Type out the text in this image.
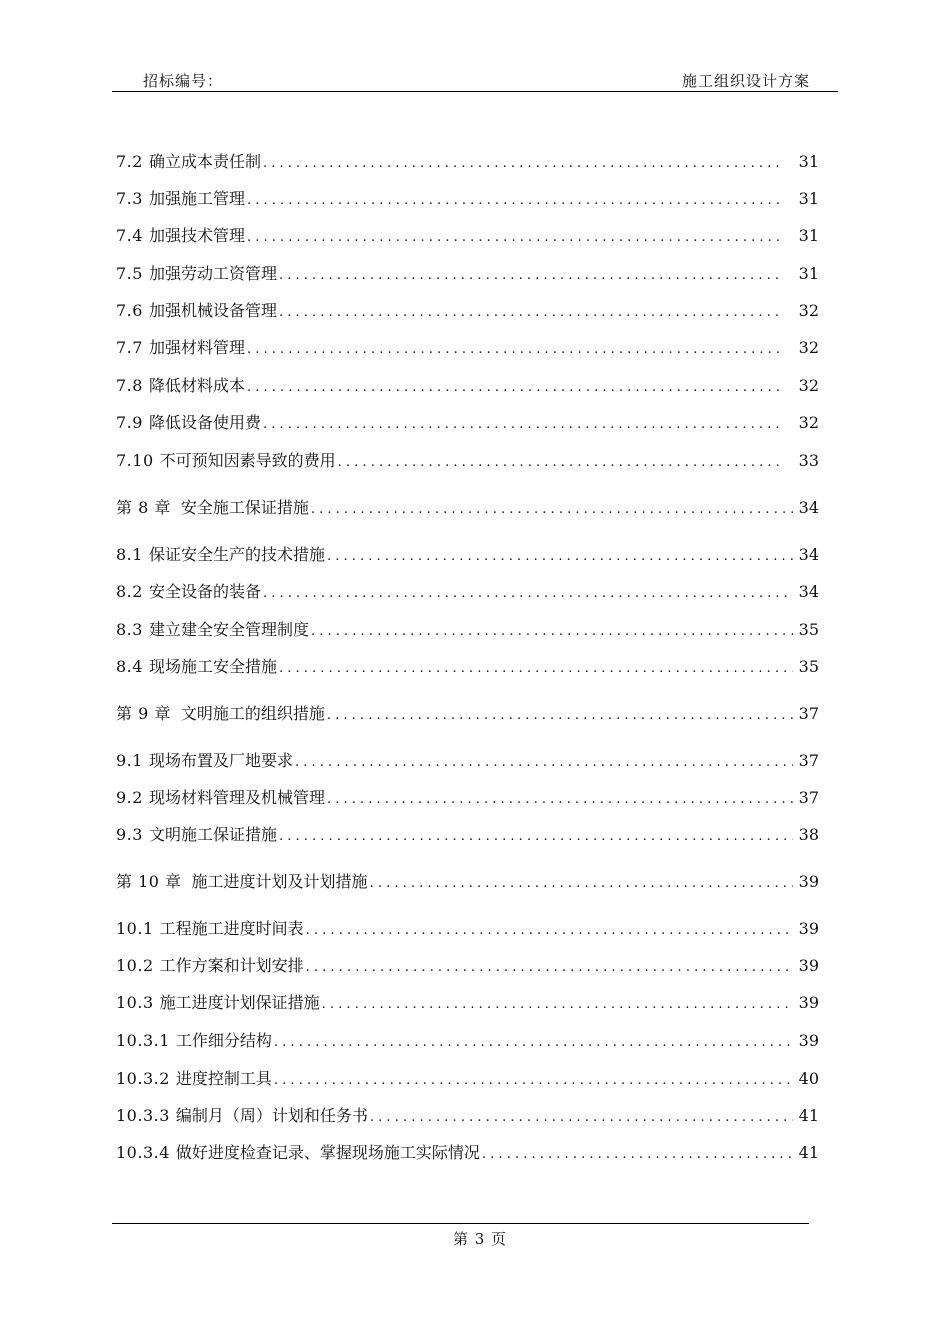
招标编号：	施工组织设计方案
7.2 确立成本责任制 . . .	31
7.3 加强施工管理 . . .	31
7.4 加强技术管理 . . .	31
7.5 加强劳动工资管理 . . .	31
7.6 加强机械设备管理 . . .	32
7.7 加强材料管理 . . .	32
7.8 降低材料成本 . . .	32
7.9 降低设备使用费 . . .	32
7.10 不可预知因素导致的费用 . . .	33
第 8 章 安全施工保证措施 . . .	34
8.1 保证安全生产的技术措施 . . .	34
8.2 安全设备的装备 . . .	34
8.3 建立建全安全管理制度 . . .	35
8.4 现场施工安全措施 . . .	35
第 9 章 文明施工的组织措施 . . .	37
9.1 现场布置及厂地要求 . . .	37
9.2 现场材料管理及机械管理 . . .	37
9.3 文明施工保证措施 . . .	38
第 10 章 施工进度计划及计划措施 . . .	39
10.1 工程施工进度时间表 . . .	39
10.2 工作方案和计划安排 . . .	39
10.3 施工进度计划保证措施 . . .	39
10.3.1 工作细分结构 . . .	39
10.3.2 进度控制工具 . . .	40
10.3.3 编制月（周）计划和任务书 . . .	41
10.3.4 做好进度检查记录、掌握现场施工实际情况 . . .	41
第 3 页
